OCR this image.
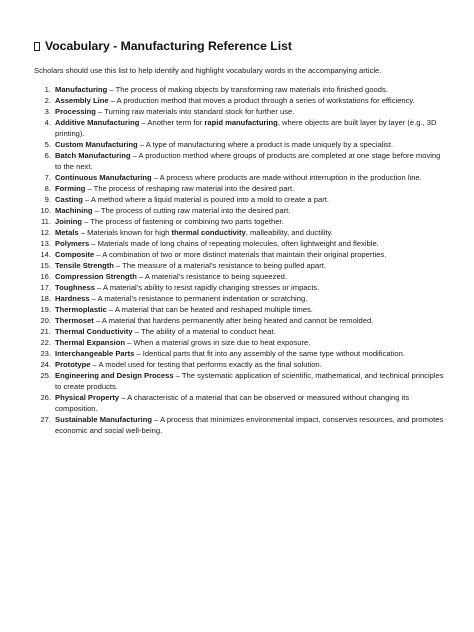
Vocabulary - Manufacturing Reference List

Scholars should use this list to help identify and highlight vocabulary words in the accompanying article.

1. Manufacturing – The process of making objects by transforming raw materials into finished goods.
2. Assembly Line – A production method that moves a product through a series of workstations for efficiency.
3. Processing – Turning raw materials into standard stock for further use.
4. Additive Manufacturing – Another term for rapid manufacturing, where objects are built layer by layer (e.g., 3D printing).
5. Custom Manufacturing – A type of manufacturing where a product is made uniquely by a specialist.
6. Batch Manufacturing – A production method where groups of products are completed at one stage before moving to the next.
7. Continuous Manufacturing – A process where products are made without interruption in the production line.
8. Forming – The process of reshaping raw material into the desired part.
9. Casting – A method where a liquid material is poured into a mold to create a part.
10. Machining – The process of cutting raw material into the desired part.
11. Joining – The process of fastening or combining two parts together.
12. Metals – Materials known for high thermal conductivity, malleability, and ductility.
13. Polymers – Materials made of long chains of repeating molecules, often lightweight and flexible.
14. Composite – A combination of two or more distinct materials that maintain their original properties.
15. Tensile Strength – The measure of a material’s resistance to being pulled apart.
16. Compression Strength – A material’s resistance to being squeezed.
17. Toughness – A material’s ability to resist rapidly changing stresses or impacts.
18. Hardness – A material’s resistance to permanent indentation or scratching.
19. Thermoplastic – A material that can be heated and reshaped multiple times.
20. Thermoset – A material that hardens permanently after being heated and cannot be remolded.
21. Thermal Conductivity – The ability of a material to conduct heat.
22. Thermal Expansion – When a material grows in size due to heat exposure.
23. Interchangeable Parts – Identical parts that fit into any assembly of the same type without modification.
24. Prototype – A model used for testing that performs exactly as the final solution.
25. Engineering and Design Process – The systematic application of scientific, mathematical, and technical principles to create products.
26. Physical Property – A characteristic of a material that can be observed or measured without changing its composition.
27. Sustainable Manufacturing – A process that minimizes environmental impact, conserves resources, and promotes economic and social well-being.
